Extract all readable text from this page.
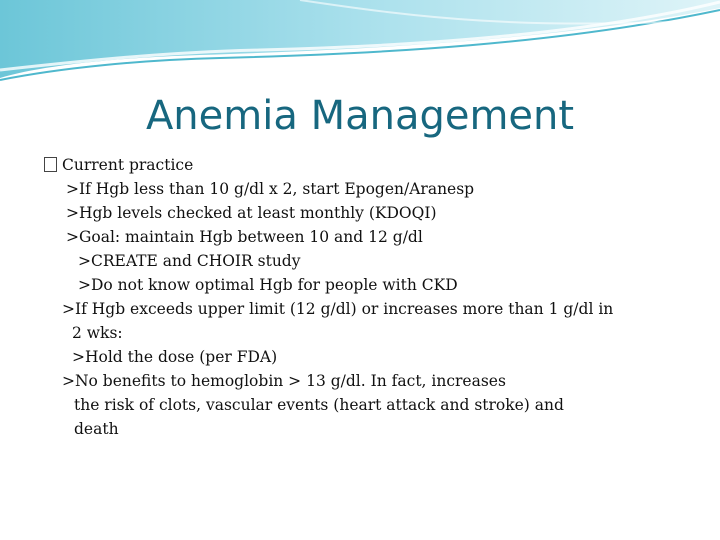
Anemia Management
Current practice
>If Hgb less than 10 g/dl x 2, start Epogen/Aranesp
>Hgb levels checked at least monthly (KDOQI)
>Goal: maintain Hgb between 10 and 12 g/dl
>CREATE and CHOIR study
>Do not know optimal Hgb for people with CKD
>If Hgb exceeds upper limit (12 g/dl) or increases more than 1 g/dl in
2 wks:
>Hold the dose (per FDA)
>No benefits to hemoglobin > 13 g/dl. In fact, increases
the risk of clots, vascular events (heart attack and stroke) and
death
